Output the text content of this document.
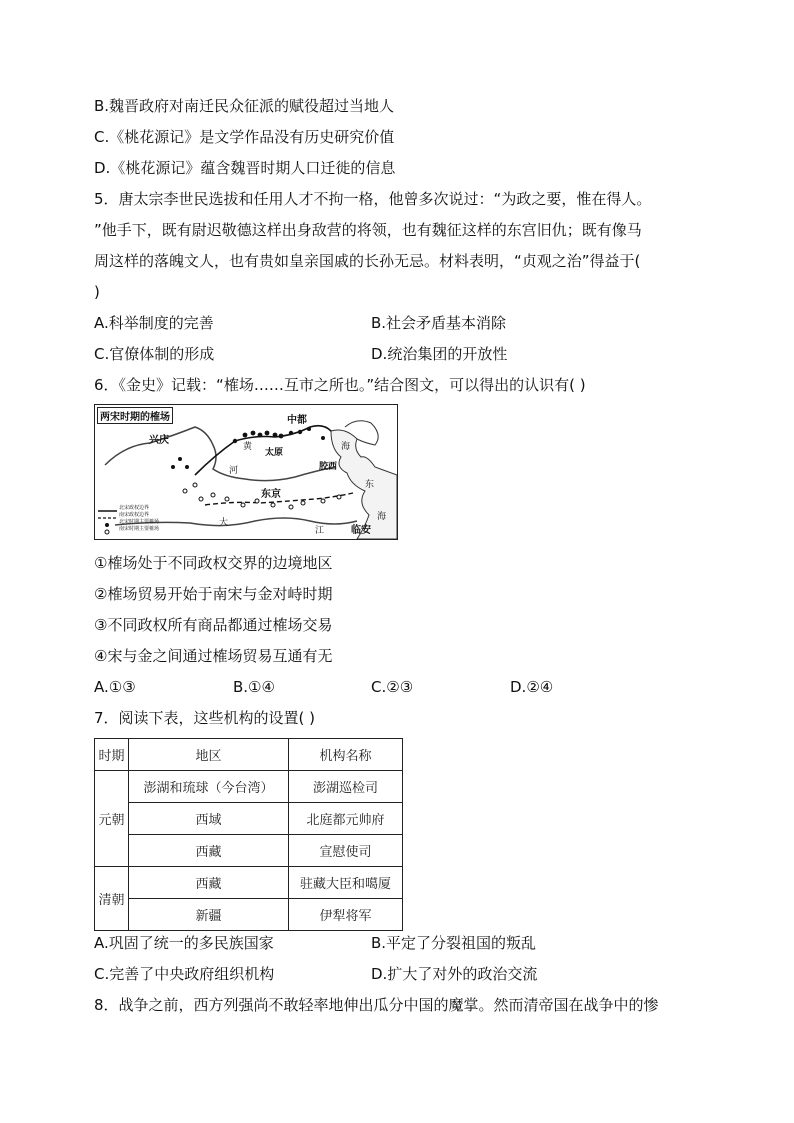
B.魏晋政府对南迁民众征派的赋役超过当地人
C.《桃花源记》是文学作品没有历史研究价值
D.《桃花源记》蕴含魏晋时期人口迁徙的信息
5．唐太宗李世民选拔和任用人才不拘一格，他曾多次说过：“为政之要，惟在得人。
”他手下，既有尉迟敬德这样出身敌营的将领，也有魏征这样的东宫旧仇；既有像马
周这样的落魄文人，也有贵如皇亲国戚的长孙无忌。材料表明，“贞观之治”得益于(
)
A.科举制度的完善	B.社会矛盾基本消除
C.官僚体制的形成	D.统治集团的开放性
6．《金史》记载：“榷场……互市之所也。”结合图文，可以得出的认识有( )
两宋时期的榷场	中都
兴庆
太原
胶西
东京
临安
海
东
海
黄
河
大
江
北宋政权边界
南宋政权边界
北宋时期主要榷场
南宋时期主要榷场
①榷场处于不同政权交界的边境地区
②榷场贸易开始于南宋与金对峙时期
③不同政权所有商品都通过榷场交易
④宋与金之间通过榷场贸易互通有无
A.①③	B.①④	C.②③	D.②④
7．阅读下表，这些机构的设置( )
时期	地区	机构名称
元朝	澎湖和琉球（今台湾）	澎湖巡检司
	西域	北庭都元帅府
	西藏	宣慰使司
清朝	西藏	驻藏大臣和噶厦
	新疆	伊犁将军
A.巩固了统一的多民族国家	B.平定了分裂祖国的叛乱
C.完善了中央政府组织机构	D.扩大了对外的政治交流
8．战争之前，西方列强尚不敢轻率地伸出瓜分中国的魔掌。然而清帝国在战争中的惨
